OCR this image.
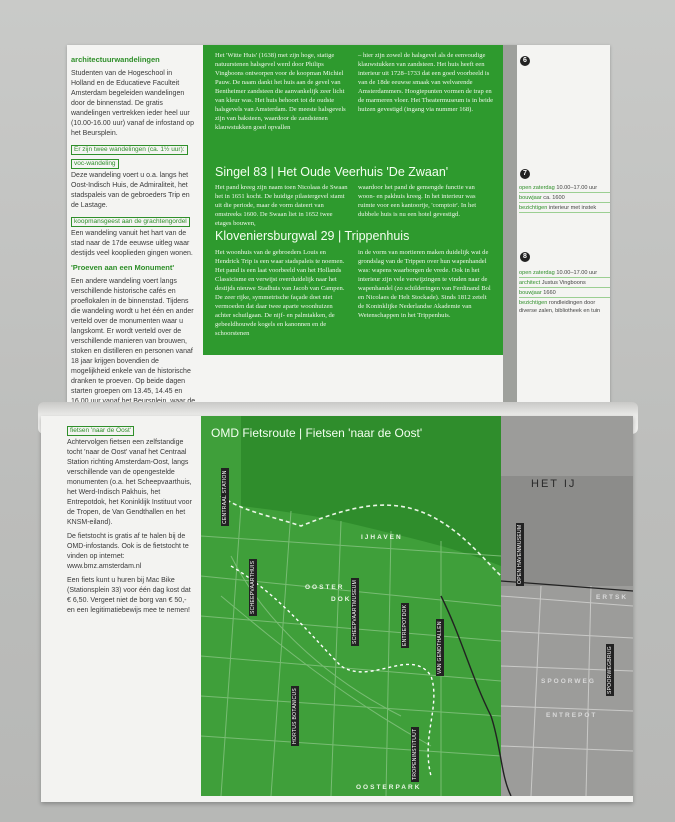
architectuurwandelingen

Studenten van de Hogeschool in Holland en de Educatieve Faculteit Amsterdam begeleiden wandelingen door de binnenstad. De gratis wandelingen vertrekken ieder heel uur (10.00-16.00 uur) vanaf de infostand op het Beursplein.

Er zijn twee wandelingen (ca. 1½ uur):
voc-wandeling

Deze wandeling voert u o.a. langs het Oost-Indisch Huis, de Admiraliteit, het stadspaleis van de gebroeders Trip en de Lastage.

koopmansgeest aan de grachtengordel

Een wandeling vanuit het hart van de stad naar de 17de eeuwse uitleg waar destijds veel kooplieden gingen wonen.

'Proeven aan een Monument'

Een andere wandeling voert langs verschillende historische cafés en proeflokalen in de binnenstad. Tijdens die wandeling wordt u het één en ander verteld over de monumenten waar u langskomt. Er wordt verteld over de verschillende manieren van brouwen, stoken en distilleren en personen vanaf 18 jaar krijgen bovendien de mogelijkheid enkele van de historische dranken te proeven. Op beide dagen starten groepen om 13.45, 14.45 en

Het 'Witte Huis' (1638) met zijn hoge, statige natuurstenen halsgevel werd door Philips Vingboons ontworpen voor de koopman Michiel Pauw. De naam dankt het huis aan de gevel van Bentheimer zandsteen die aanvankelijk zeer licht van kleur was. Het huis behoort tot de oudste halsgevels van Amsterdam. De meeste halsgevels zijn van baksteen, waardoor de zandstenen klauwstukken goed opvallen
– hier zijn zowel de halsgevel als de eenvoudige klauwstukken van zandsteen. Het huis heeft een interieur uit 1728–1733 dat een goed voorbeeld is van de 18de eeuwse smaak van welvarende Amsterdammers. Hoogtepunten vormen de trap en de marmeren vloer. Het Theatermuseum is in beide huizen gevestigd (ingang via nummer 168).
Singel 83 | Het Oude Veerhuis 'De Zwaan'
Het pand kreeg zijn naam toen Nicolaas de Swaan het in 1651 kocht. De huidige pilastergevel stamt uit die periode, maar de vorm dateert van omstreeks 1600. De Swaan liet in 1652 twee etages bouwen,
waardoor het pand de gemengde functie van woon- en pakhuis kreeg. In het interieur was ruimte voor een kantoortje, 'comptoir'. In het dubbele huis is nu een hotel gevestigd.
Kloveniersburgwal 29 | Trippenhuis
Het woonhuis van de gebroeders Louis en Hendrick Trip is een waar stadspaleis te noemen. Het pand is een laat voorbeeld van het Hollands Classicisme en verwijst overduidelijk naar het destijds nieuwe Stadhuis van Jacob van Campen. De zeer rijke, symmetrische façade doet niet vermoeden dat daar twee aparte woonhuizen achter schuilgaan. De nijf- en palmtakken, de gebeeldhouwde kogels en kanonnen en de schoorstenen
in de vorm van mortieren maken duidelijk wat de grondslag van de Trippen over hun wapenhandel was: wapens waarborgen de vrede. Ook in het interieur zijn vele verwijzingen te vinden naar de wapenhandel (zo schilderingen van Ferdinand Bol en Nicolaes de Helt Stockade). Sinds 1812 zetelt de Koninklijke Nederlandse Akademie van Wetenschappen in het Trippenhuis.
6
7
open zaterdag 10.00–17.00 uur
bouwjaar ca. 1600
bezichtigen interieur met instek
8
open zaterdag 10.00–17.00 uur
architect Justus Vingboons
bouwjaar 1660
bezichtigen rondleidingen door diverse zalen, bibliotheek en tuin
fietsen 'naar de Oost'

Achtervolgen fietsen een zelfstandige tocht 'naar de Oost' vanaf het Centraal Station richting Amsterdam-Oost, langs verschillende van de opengestelde monumenten (o.a. het Scheepvaarthuis, het Werd-Indisch Pakhuis, het Entrepotdok, het Koninklijk Instituut voor de Tropen, de Van Gendthallen en het KNSM-eiland).

De fietstocht is gratis af te halen bij de OMD-infostands. Ook is de fietstocht te vinden op internet: www.bmz.amsterdam.nl

Een fiets kunt u huren bij Mac Bike (Stationsplein 33) voor één dag kost dat € 6,50. Vergeet niet de borg van € 50,- en een legitimatiebewijs mee te nemen!

OMD Fietsroute | Fietsen 'naar de Oost'
HET IJ
IJHAVEN
OOSTER
DOK
OOSTERPARK
SPOORWEG
ENTREPOT
ERTSK
SCHEEPVAARTHUIS	SCHEEPVAARTMUSEUM	ENTREPOTDOK	VAN GENDTHALLEN
HORTUS BOTANICUS
TROPENINSTITUUT
CENTRAAL STATION
OPEN HAVENMUSEUM
SPOORWEGBRUG
